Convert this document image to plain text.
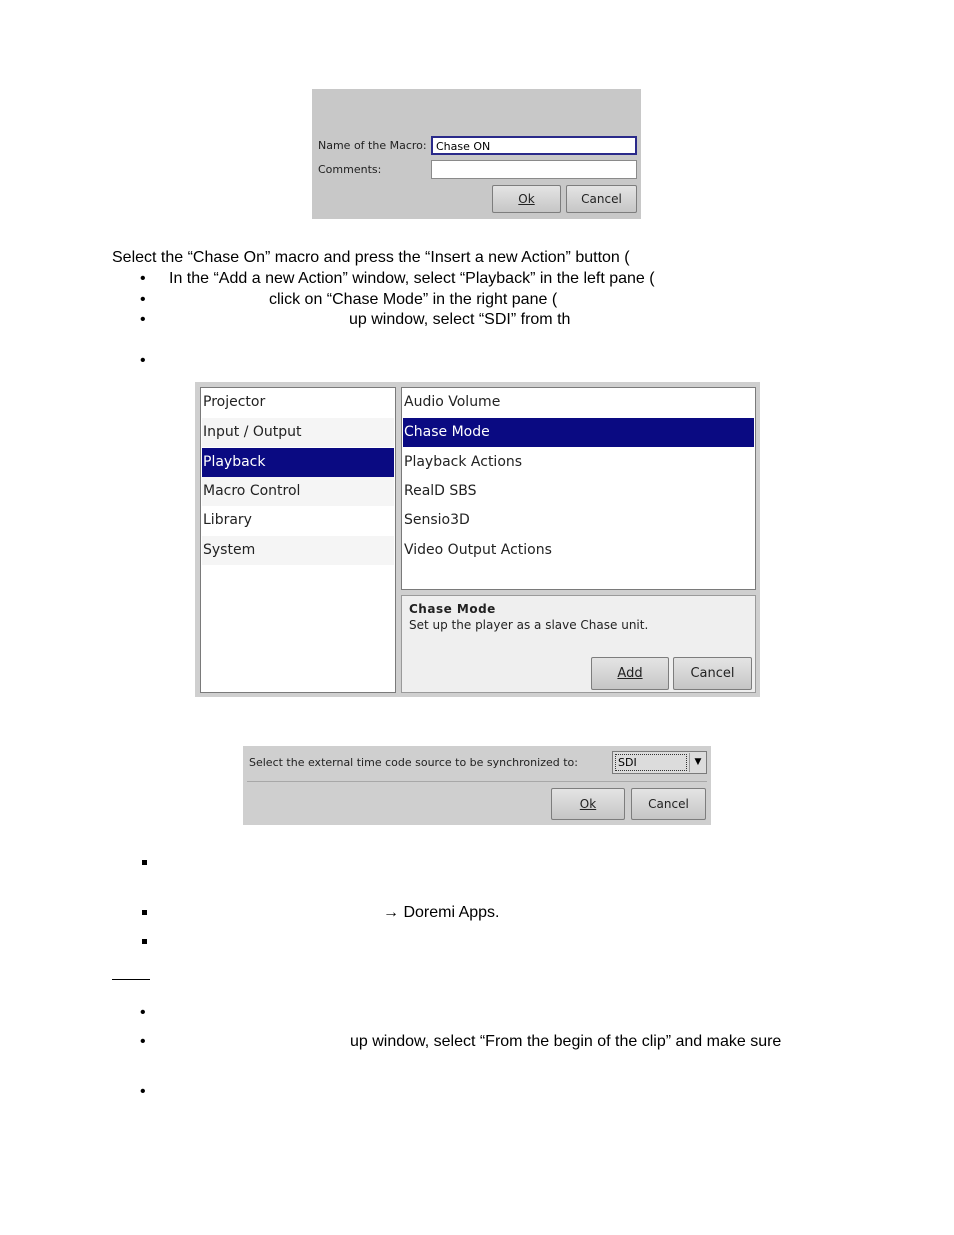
Name of the Macro: Chase ON
Comments:
Ok	Cancel
Select the “Chase On” macro and press the “Insert a new Action” button (
• In the “Add a new Action” window, select “Playback” in the left pane (
•	click on “Chase Mode” in the right pane (
•	up window, select “SDI” from th
•
Projector
Input / Output
Playback
Macro Control
Library
System
Audio Volume
Chase Mode
Playback Actions
RealD SBS
Sensio3D
Video Output Actions
Chase Mode
Set up the player as a slave Chase unit.
Add	Cancel
Select the external time code source to be synchronized to:	SDI	▼
Ok	Cancel
→ Doremi Apps.
•
•	up window, select “From the begin of the clip” and make sure
•
